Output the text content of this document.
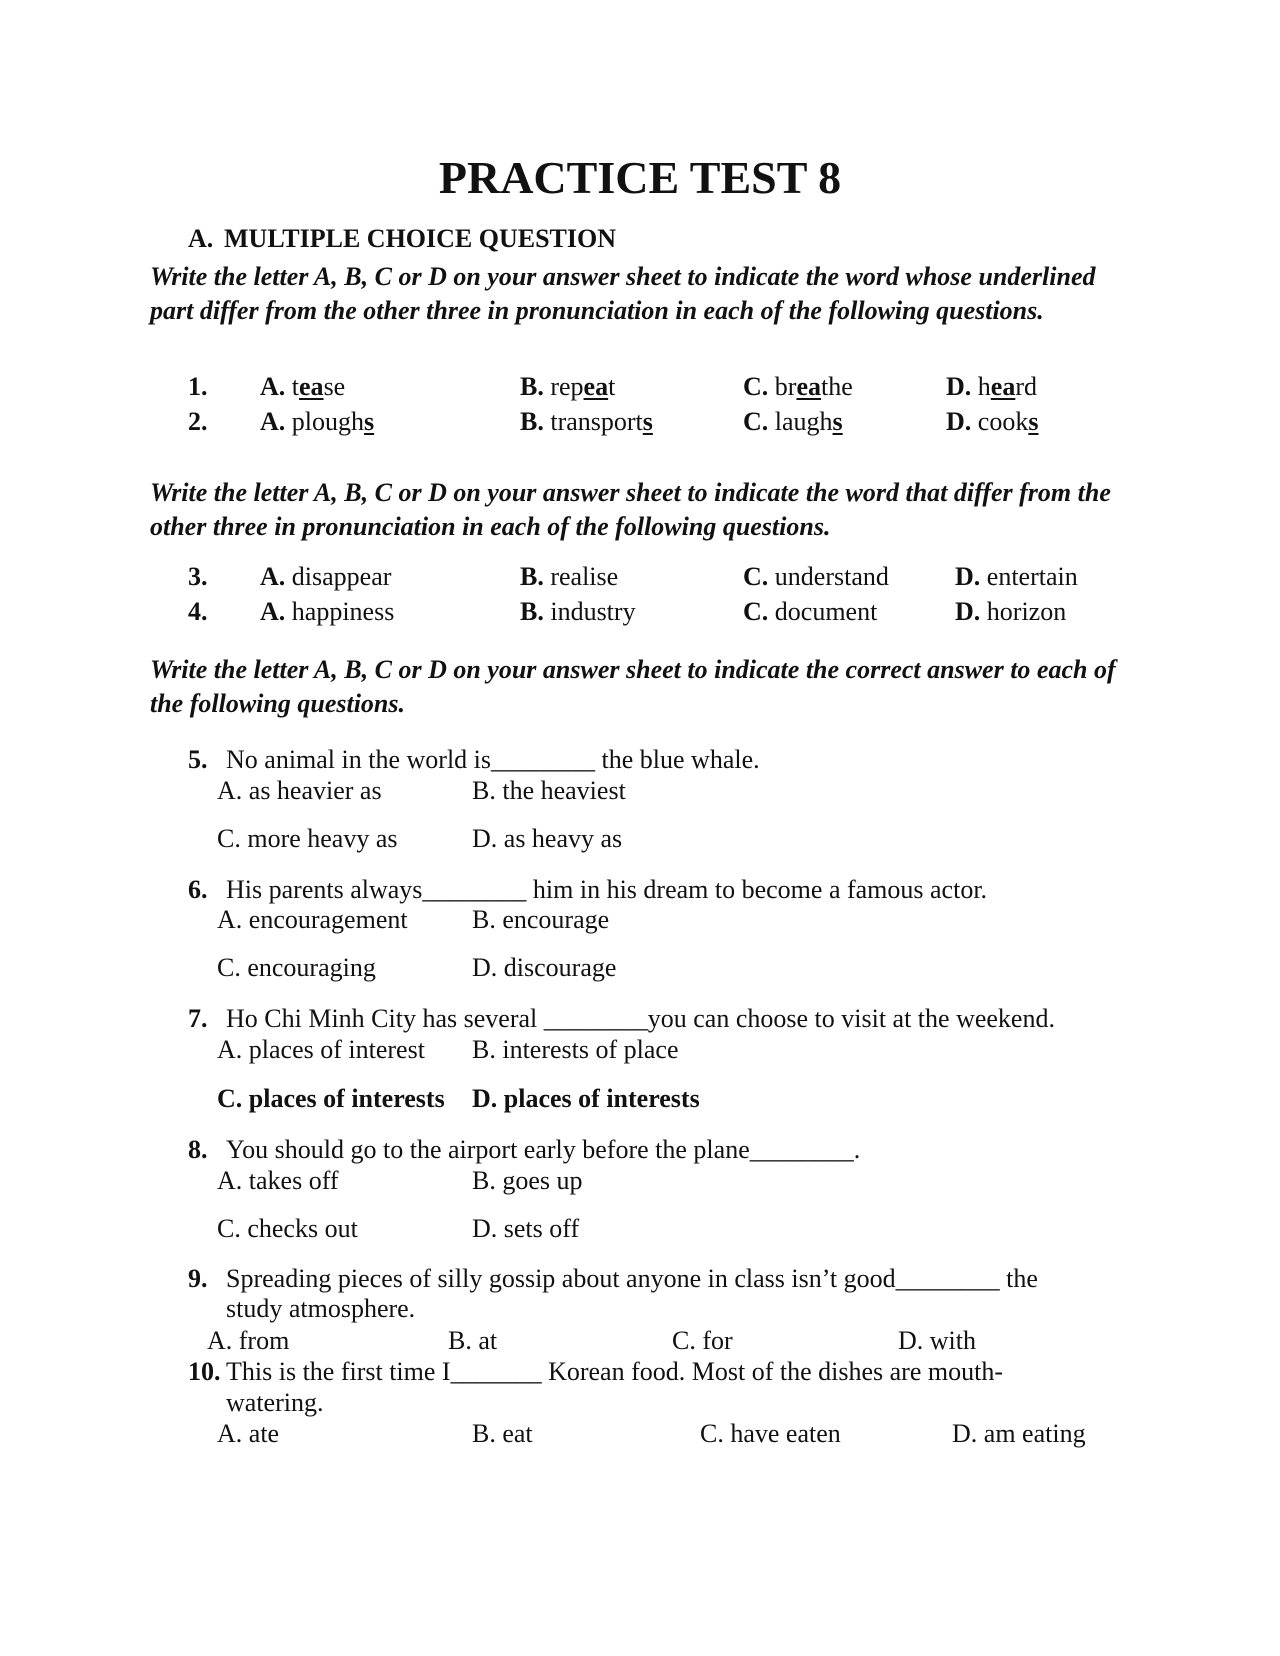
PRACTICE TEST 8
A. MULTIPLE CHOICE QUESTION
Write the letter A, B, C or D on your answer sheet to indicate the word whose underlined part differ from the other three in pronunciation in each of the following questions.
1. A. tease	B. repeat	C. breathe	D. heard
2. A. ploughs	B. transports	C. laughs	D. cooks
Write the letter A, B, C or D on your answer sheet to indicate the word that differ from the other three in pronunciation in each of the following questions.
3. A. disappear	B. realise	C. understand	D. entertain
4. A. happiness	B. industry	C. document	D. horizon
Write the letter A, B, C or D on your answer sheet to indicate the correct answer to each of the following questions.
5. No animal in the world is________ the blue whale.
A. as heavier as	B. the heaviest
C. more heavy as	D. as heavy as
6. His parents always________ him in his dream to become a famous actor.
A. encouragement B. encourage
C. encouraging	D. discourage
7. Ho Chi Minh City has several ________you can choose to visit at the weekend.
A. places of interest B. interests of place
C. places of interests D. places of interests
8. You should go to the airport early before the plane________.
A. takes off	B. goes up
C. checks out	D. sets off
9. Spreading pieces of silly gossip about anyone in class isn’t good________ the
study atmosphere.
A. from	B. at	C. for	D. with
10. This is the first time I_______ Korean food. Most of the dishes are mouth-
watering.
A. ate	B. eat	C. have eaten	D. am eating
